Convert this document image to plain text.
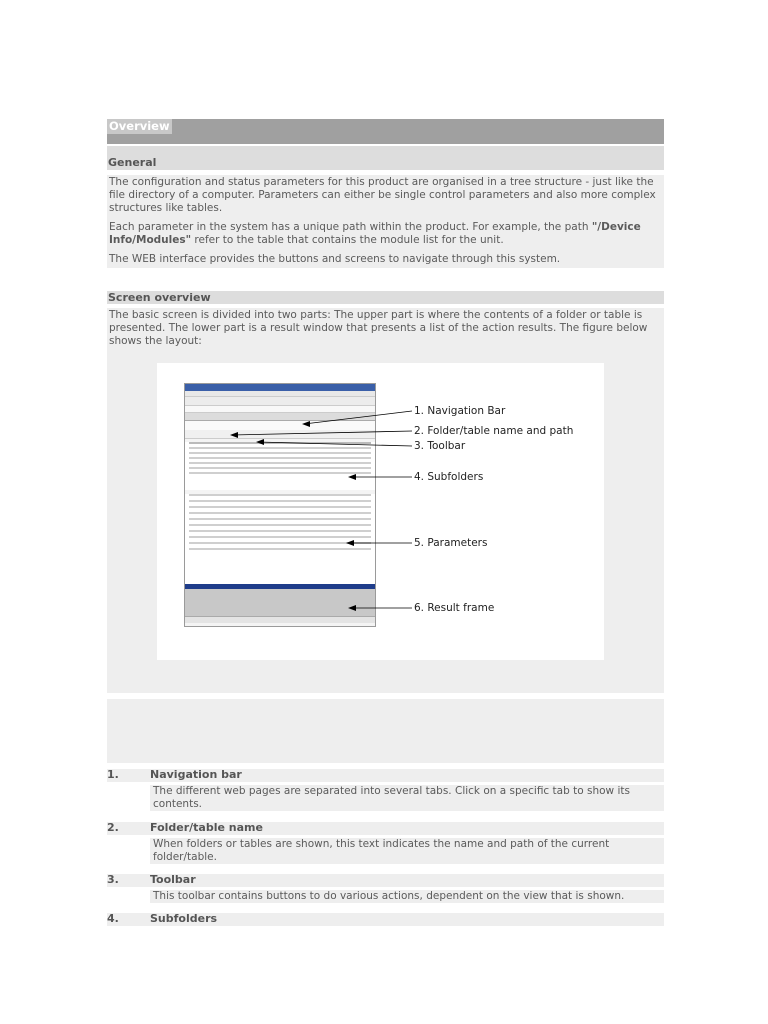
Overview
General
The configuration and status parameters for this product are organised in a tree structure - just like the file directory of a computer. Parameters can either be single control parameters and also more complex structures like tables.
Each parameter in the system has a unique path within the product. For example, the path "/Device Info/Modules" refer to the table that contains the module list for the unit.
The WEB interface provides the buttons and screens to navigate through this system.
Screen overview
The basic screen is divided into two parts: The upper part is where the contents of a folder or table is presented. The lower part is a result window that presents a list of the action results. The figure below shows the layout:
1. Navigation Bar
2. Folder/table name and path
3. Toolbar
4. Subfolders
5. Parameters
6. Result frame
1.	Navigation bar
The different web pages are separated into several tabs. Click on a specific tab to show its contents.
2.	Folder/table name
When folders or tables are shown, this text indicates the name and path of the current folder/table.
3.	Toolbar
This toolbar contains buttons to do various actions, dependent on the view that is shown.
4.	Subfolders
